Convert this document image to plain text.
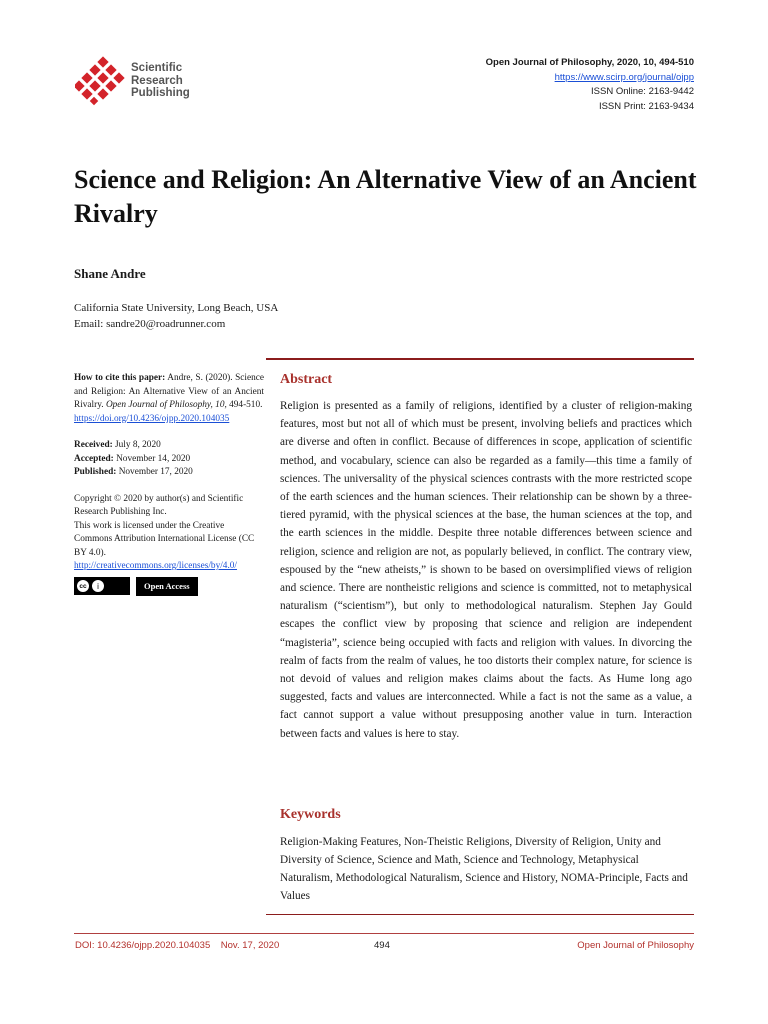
Scientific
Research
Publishing
Open Journal of Philosophy, 2020, 10, 494-510
https://www.scirp.org/journal/ojpp
ISSN Online: 2163-9442
ISSN Print: 2163-9434
Science and Religion: An Alternative View of an Ancient Rivalry
Shane Andre
California State University, Long Beach, USA
Email: sandre20@roadrunner.com

How to cite this paper: Andre, S. (2020). Science and Religion: An Alternative View of an Ancient Rivalry. Open Journal of Philosophy, 10, 494-510.
https://doi.org/10.4236/ojpp.2020.104035

Received: July 8, 2020
Accepted: November 14, 2020
Published: November 17, 2020

Copyright © 2020 by author(s) and Scientific Research Publishing Inc.
This work is licensed under the Creative Commons Attribution International License (CC BY 4.0).
http://creativecommons.org/licenses/by/4.0/

cc	i	Open Access
Abstract
Religion is presented as a family of religions, identified by a cluster of religion-making features, most but not all of which must be present, involving beliefs and practices which are diverse and often in conflict. Because of differences in scope, application of scientific method, and vocabulary, science can also be regarded as a family—this time a family of sciences. The universality of the physical sciences contrasts with the more restricted scope of the earth sciences and the human sciences. Their relationship can be shown by a three-tiered pyramid, with the physical sciences at the base, the human sciences at the top, and the earth sciences in the middle. Despite three notable differences between science and religion, science and religion are not, as popularly believed, in conflict. The contrary view, espoused by the “new atheists,” is shown to be based on oversimplified views of religion and science. There are nontheistic religions and science is committed, not to metaphysical naturalism (“scientism”), but only to methodological naturalism. Stephen Jay Gould escapes the conflict view by proposing that science and religion are independent “magisteria”, science being occupied with facts and religion with values. In divorcing the realm of facts from the realm of values, he too distorts their complex nature, for science is not devoid of values and religion makes claims about the facts. As Hume long ago suggested, facts and values are interconnected. While a fact is not the same as a value, a fact cannot support a value without presupposing another value in turn. Interaction between facts and values is here to stay.
Keywords
Religion-Making Features, Non-Theistic Religions, Diversity of Religion, Unity and Diversity of Science, Science and Math, Science and Technology, Metaphysical Naturalism, Methodological Naturalism, Science and History, NOMA-Principle, Facts and Values
DOI: 10.4236/ojpp.2020.104035    Nov. 17, 2020	494	Open Journal of Philosophy
